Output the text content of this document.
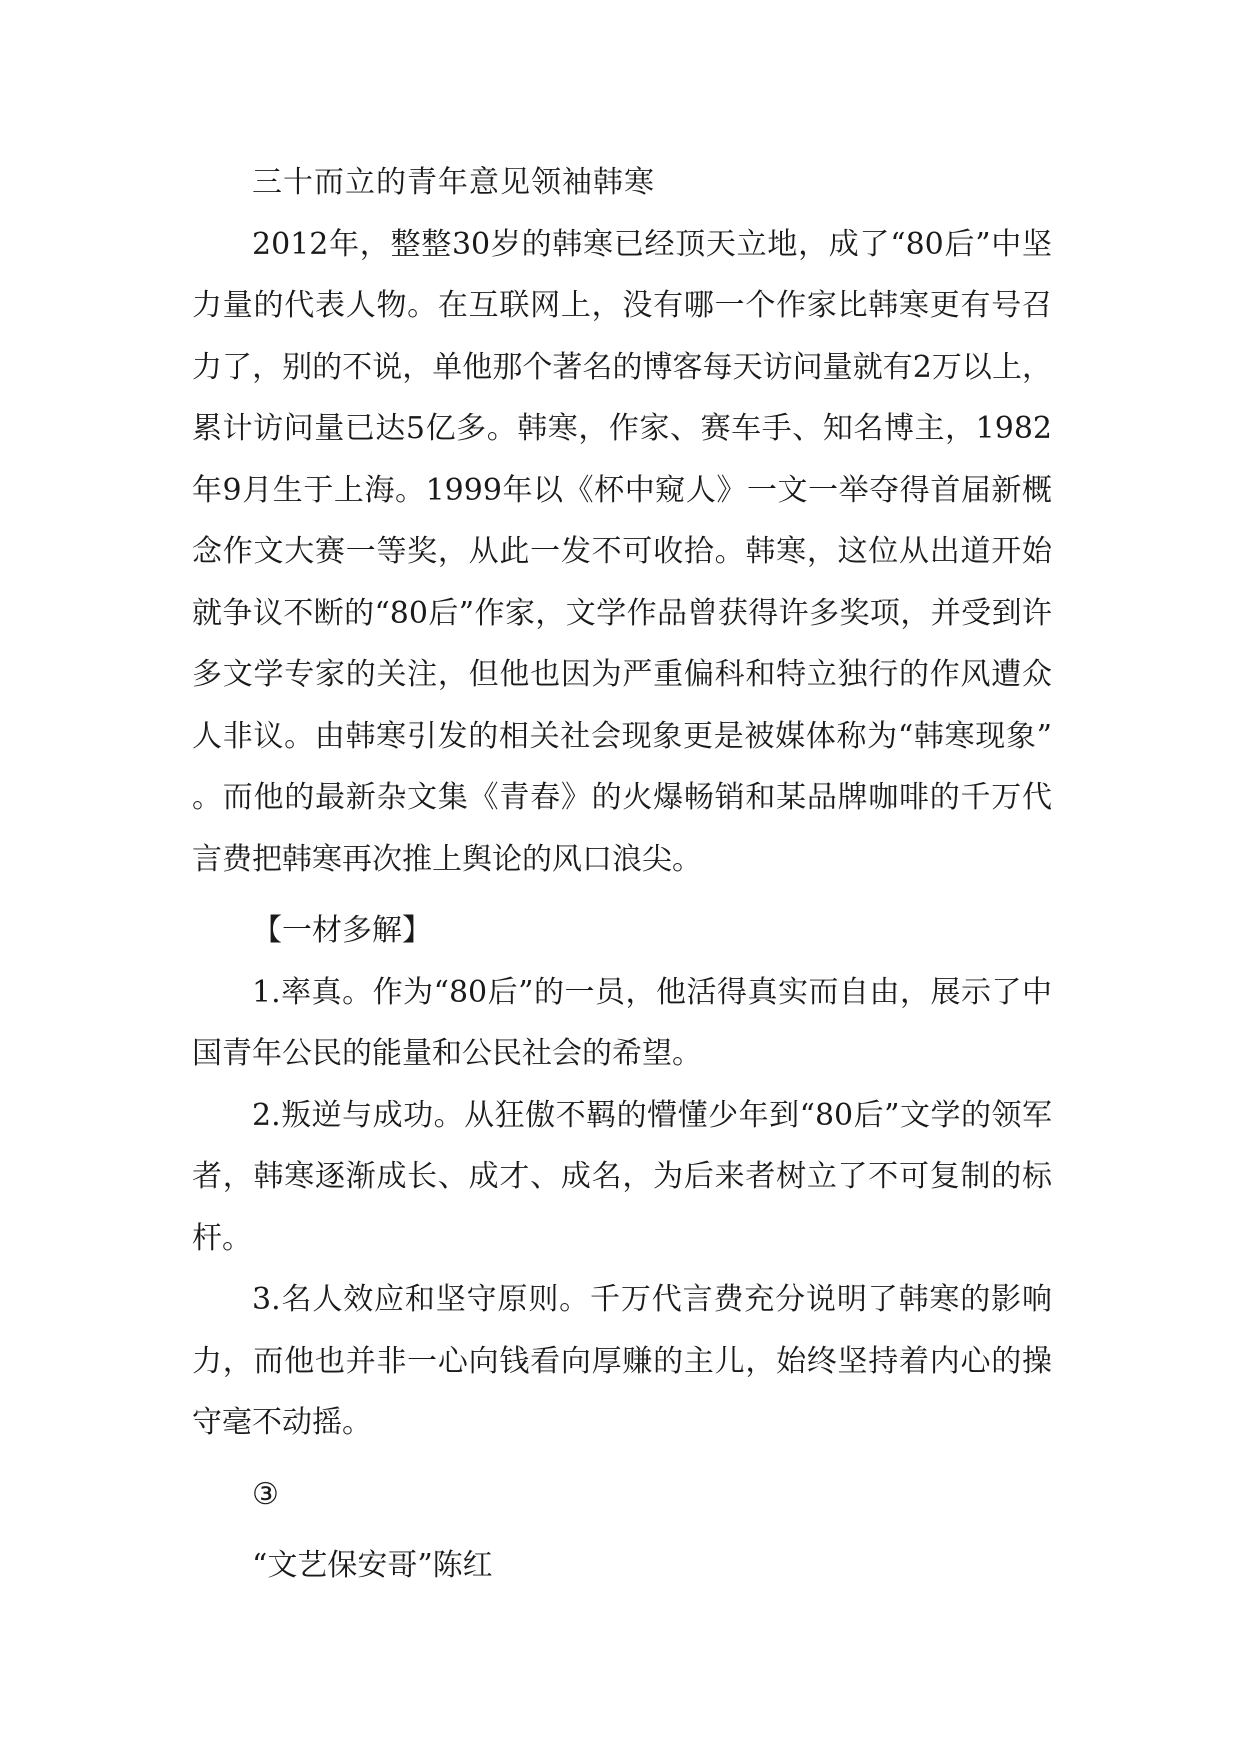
三十而立的青年意见领袖韩寒

2012年，整整30岁的韩寒已经顶天立地，成了“80后”中坚力量的代表人物。在互联网上，没有哪一个作家比韩寒更有号召力了，别的不说，单他那个著名的博客每天访问量就有2万以上，累计访问量已达5亿多。韩寒，作家、赛车手、知名博主，1982年9月生于上海。1999年以《杯中窥人》一文一举夺得首届新概念作文大赛一等奖，从此一发不可收拾。韩寒，这位从出道开始就争议不断的“80后”作家，文学作品曾获得许多奖项，并受到许多文学专家的关注，但他也因为严重偏科和特立独行的作风遭众人非议。由韩寒引发的相关社会现象更是被媒体称为“韩寒现象”。而他的最新杂文集《青春》的火爆畅销和某品牌咖啡的千万代言费把韩寒再次推上舆论的风口浪尖。

【一材多解】

1.率真。作为“80后”的一员，他活得真实而自由，展示了中国青年公民的能量和公民社会的希望。

2.叛逆与成功。从狂傲不羁的懵懂少年到“80后”文学的领军者，韩寒逐渐成长、成才、成名，为后来者树立了不可复制的标杆。

3.名人效应和坚守原则。千万代言费充分说明了韩寒的影响力，而他也并非一心向钱看向厚赚的主儿，始终坚持着内心的操守毫不动摇。

③

“文艺保安哥”陈红
